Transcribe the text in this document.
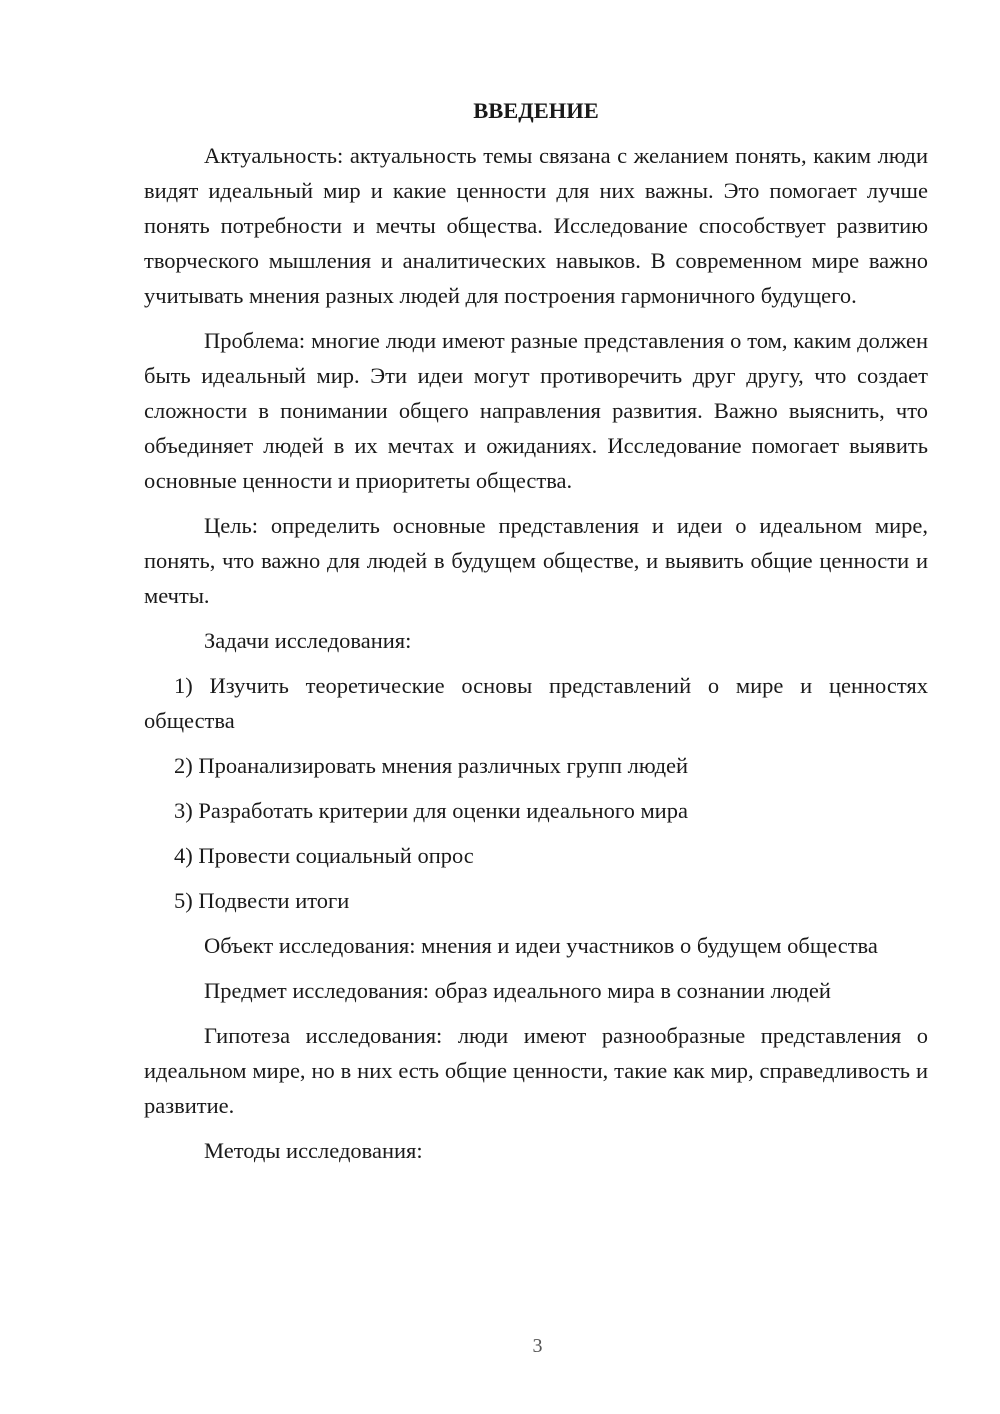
ВВЕДЕНИЕ
Актуальность: актуальность темы связана с желанием понять, каким люди видят идеальный мир и какие ценности для них важны. Это помогает лучше понять потребности и мечты общества. Исследование способствует развитию творческого мышления и аналитических навыков. В современном мире важно учитывать мнения разных людей для построения гармоничного будущего.
Проблема: многие люди имеют разные представления о том, каким должен быть идеальный мир. Эти идеи могут противоречить друг другу, что создает сложности в понимании общего направления развития. Важно выяснить, что объединяет людей в их мечтах и ожиданиях. Исследование помогает выявить основные ценности и приоритеты общества.
Цель: определить основные представления и идеи о идеальном мире, понять, что важно для людей в будущем обществе, и выявить общие ценности и мечты.
Задачи исследования:
1) Изучить теоретические основы представлений о мире и ценностях общества
2) Проанализировать мнения различных групп людей
3) Разработать критерии для оценки идеального мира
4) Провести социальный опрос
5) Подвести итоги
Объект исследования: мнения и идеи участников о будущем общества
Предмет исследования: образ идеального мира в сознании людей
Гипотеза исследования: люди имеют разнообразные представления о идеальном мире, но в них есть общие ценности, такие как мир, справедливость и развитие.
Методы исследования:
3
